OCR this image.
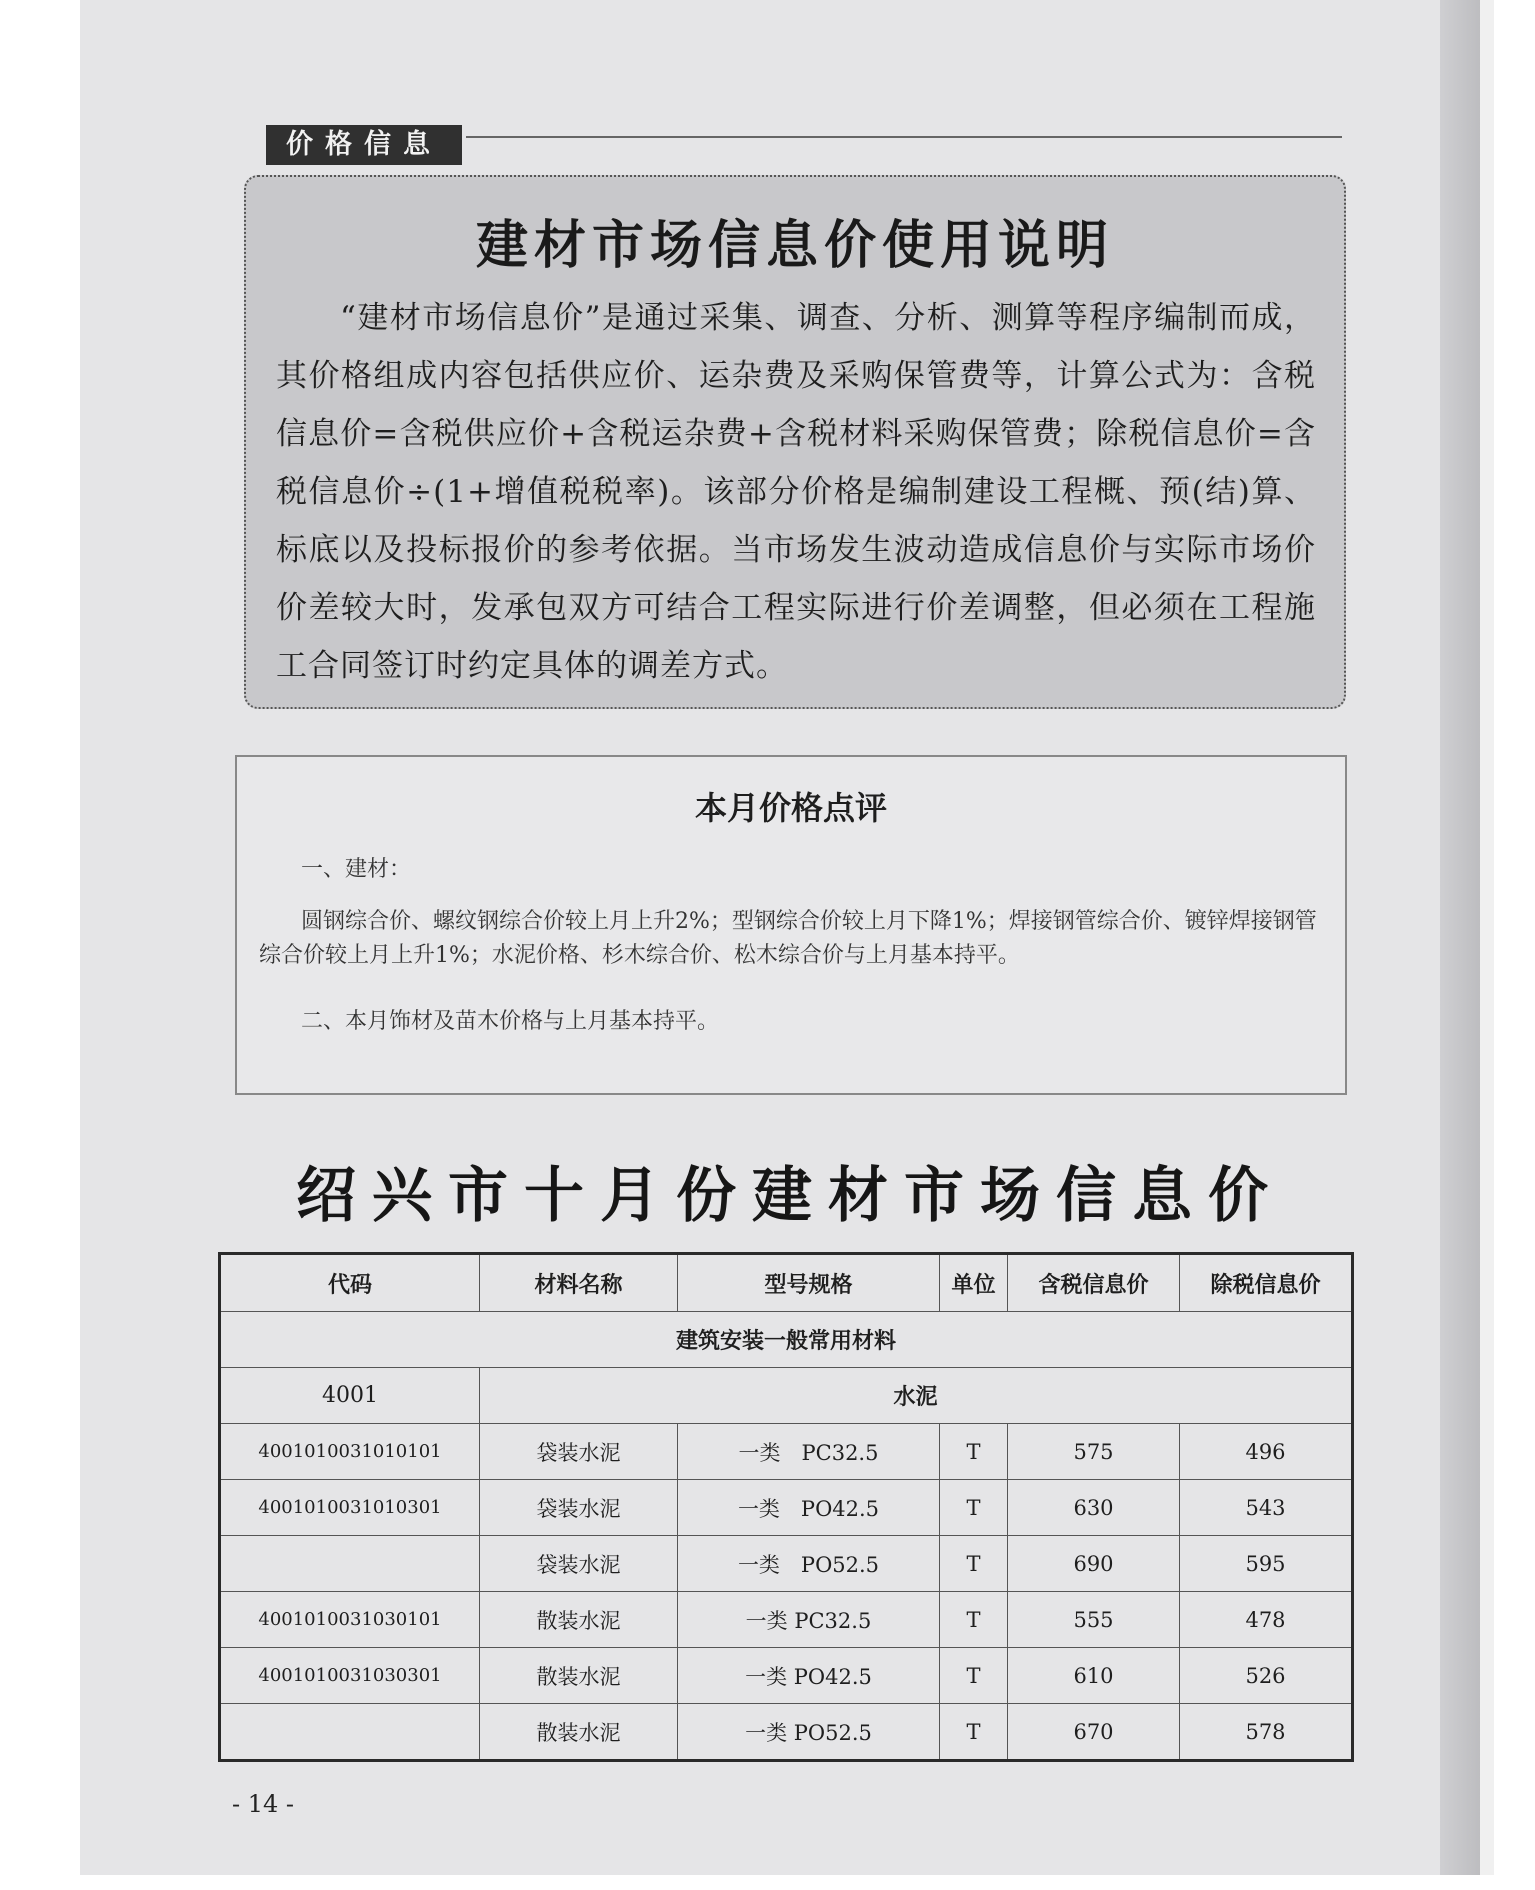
价格信息
建材市场信息价使用说明
“建材市场信息价”是通过采集、调查、分析、测算等程序编制而成，其价格组成内容包括供应价、运杂费及采购保管费等，计算公式为：含税信息价=含税供应价+含税运杂费+含税材料采购保管费；除税信息价=含税信息价÷(1+增值税税率)。该部分价格是编制建设工程概、预(结)算、标底以及投标报价的参考依据。当市场发生波动造成信息价与实际市场价价差较大时，发承包双方可结合工程实际进行价差调整，但必须在工程施工合同签订时约定具体的调差方式。
本月价格点评
一、建材：
圆钢综合价、螺纹钢综合价较上月上升2%；型钢综合价较上月下降1%；焊接钢管综合价、镀锌焊接钢管综合价较上月上升1%；水泥价格、杉木综合价、松木综合价与上月基本持平。
二、本月饰材及苗木价格与上月基本持平。
绍兴市十月份建材市场信息价
代码	材料名称	型号规格	单位	含税信息价	除税信息价
建筑安装一般常用材料					
4001	水泥				
4001010031010101	袋装水泥	一类　PC32.5	T	575	496
4001010031010301	袋装水泥	一类　PO42.5	T	630	543
	袋装水泥	一类　PO52.5	T	690	595
4001010031030101	散装水泥	一类 PC32.5	T	555	478
4001010031030301	散装水泥	一类 PO42.5	T	610	526
	散装水泥	一类 PO52.5	T	670	578
- 14 -
